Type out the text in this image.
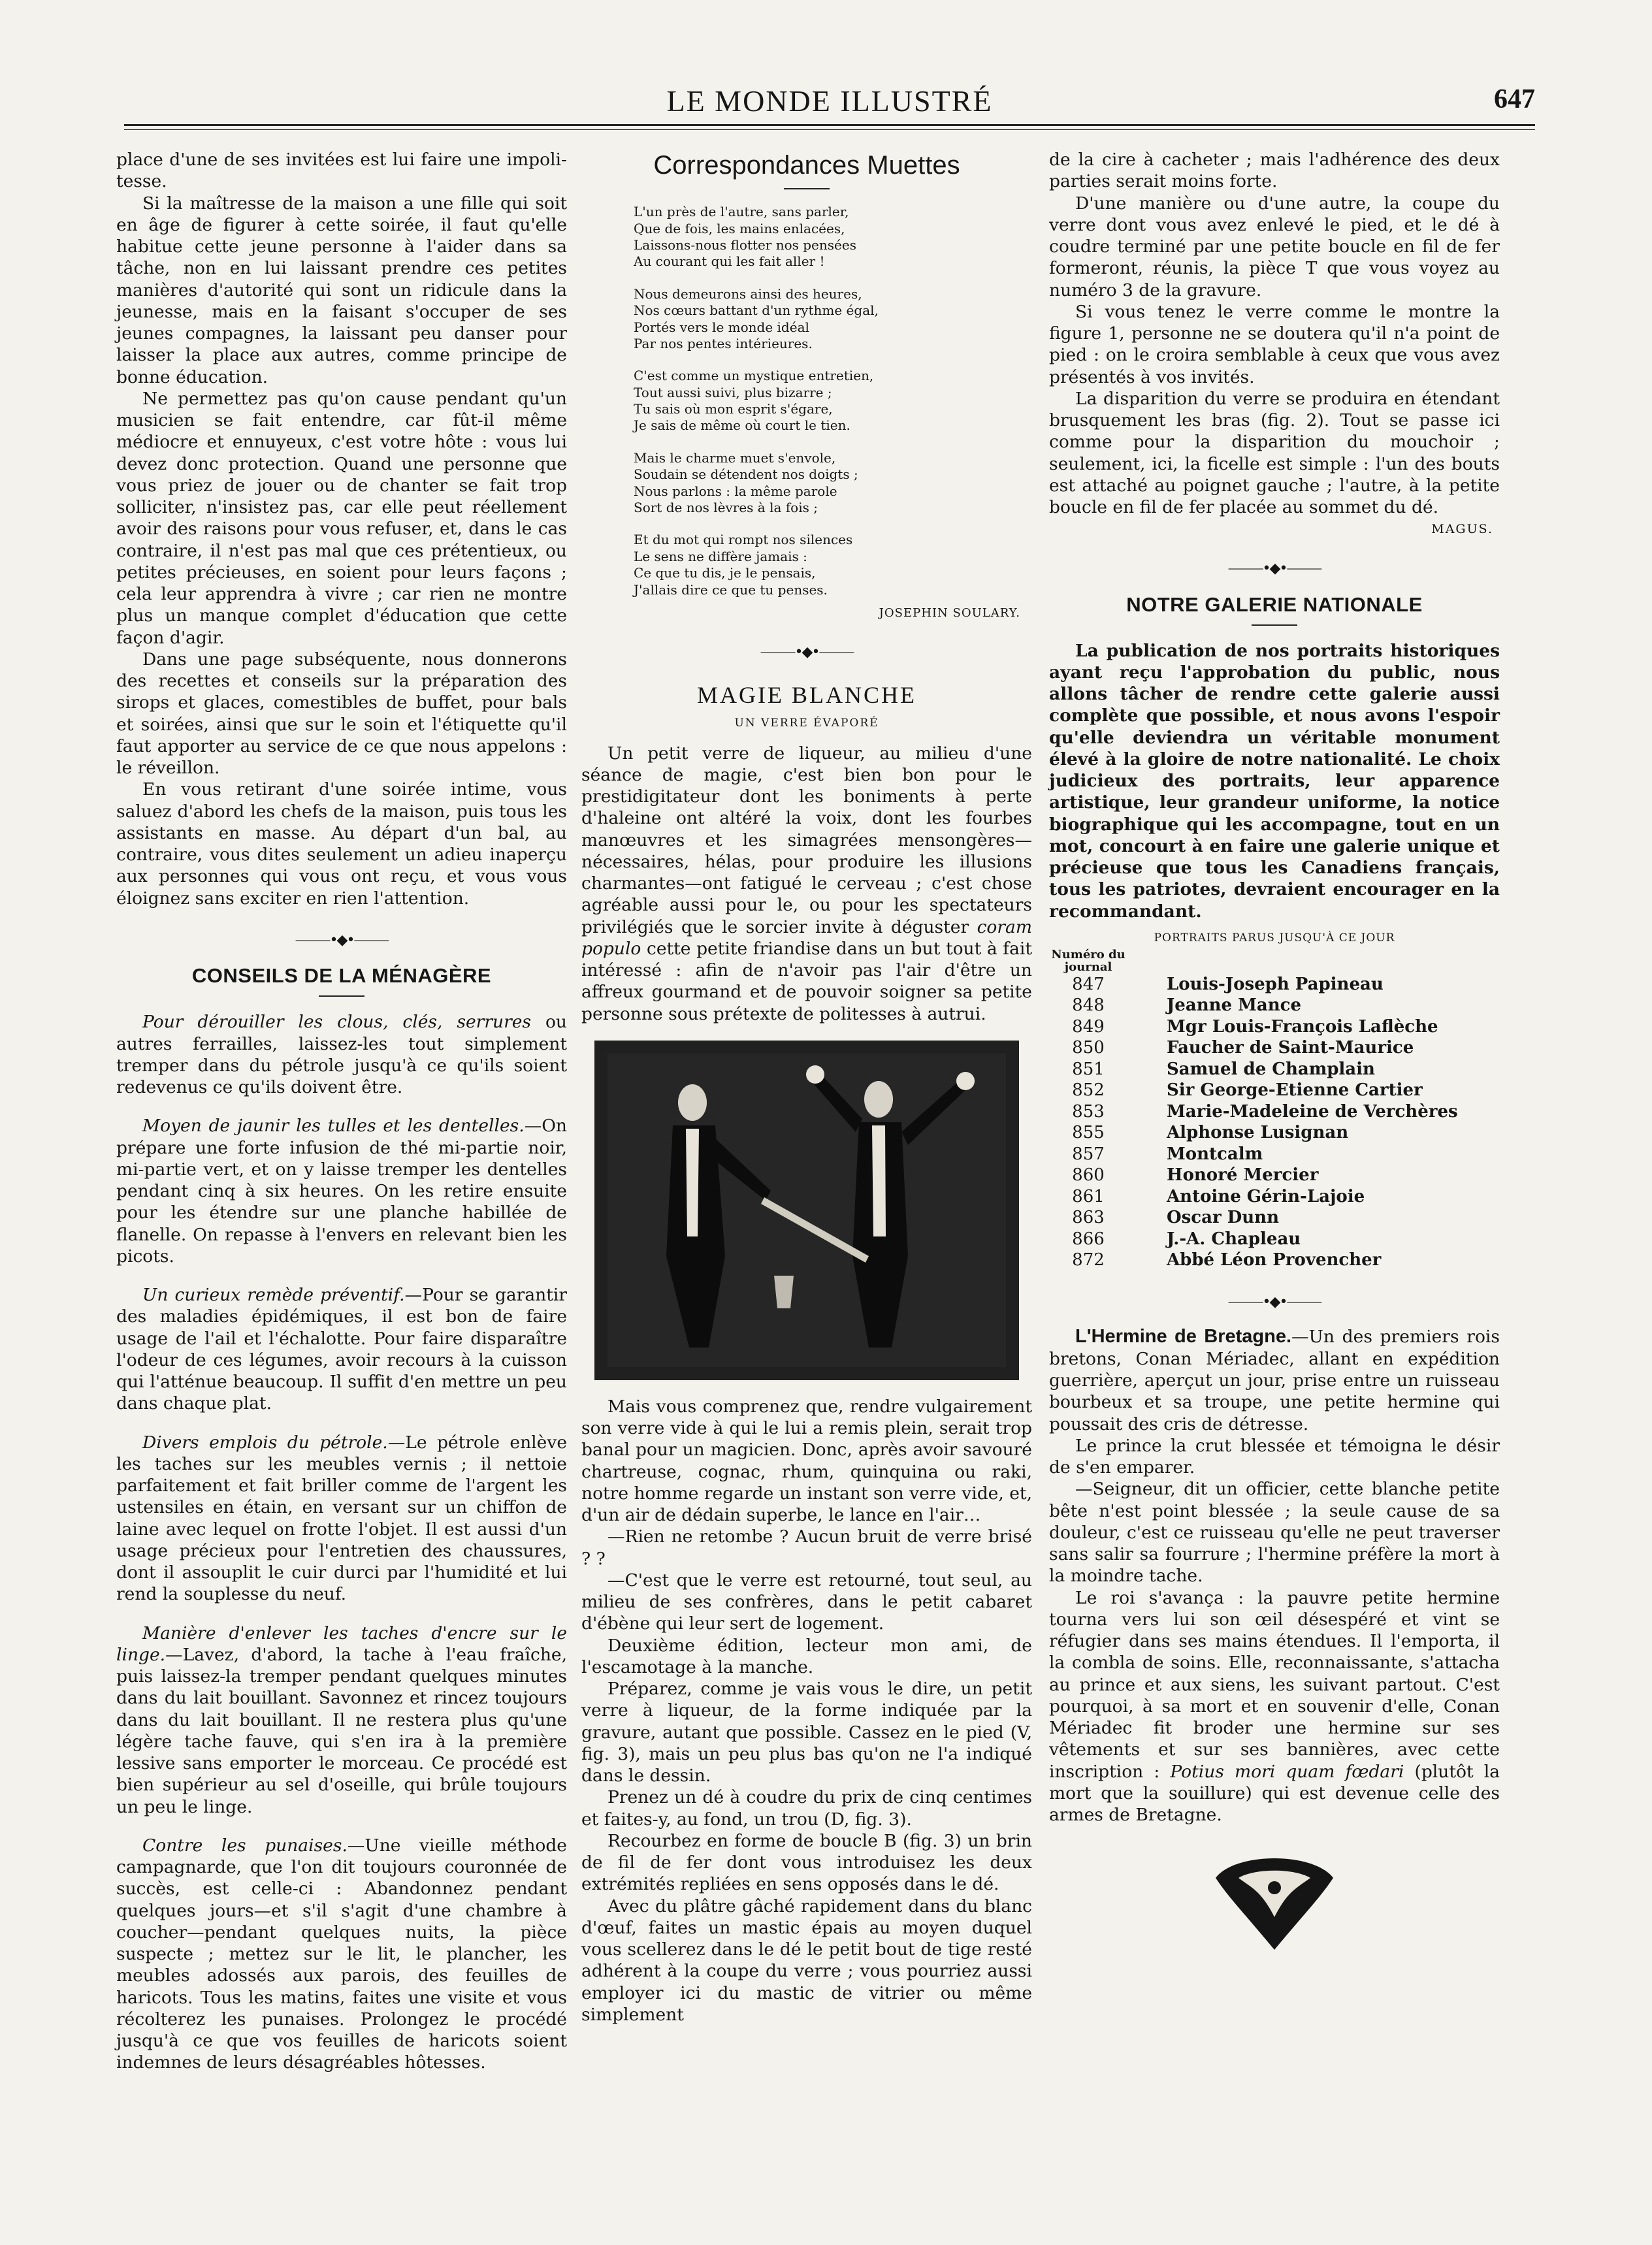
LE MONDE ILLUSTRÉ	647

place d'une de ses invitées est lui faire une impoli-tesse.

Si la maîtresse de la maison a une fille qui soit en âge de figurer à cette soirée, il faut qu'elle habitue cette jeune personne à l'aider dans sa tâche, non en lui laissant prendre ces petites manières d'autorité qui sont un ridicule dans la jeunesse, mais en la faisant s'occuper de ses jeunes compagnes, la laissant peu danser pour laisser la place aux autres, comme principe de bonne éducation.

Ne permettez pas qu'on cause pendant qu'un musicien se fait entendre, car fût-il même médiocre et ennuyeux, c'est votre hôte : vous lui devez donc protection. Quand une personne que vous priez de jouer ou de chanter se fait trop solliciter, n'insistez pas, car elle peut réellement avoir des raisons pour vous refuser, et, dans le cas contraire, il n'est pas mal que ces prétentieux, ou petites précieuses, en soient pour leurs façons ; cela leur apprendra à vivre ; car rien ne montre plus un manque complet d'éducation que cette façon d'agir.

Dans une page subséquente, nous donnerons des recettes et conseils sur la préparation des sirops et glaces, comestibles de buffet, pour bals et soirées, ainsi que sur le soin et l'étiquette qu'il faut apporter au service de ce que nous appelons : le réveillon.

En vous retirant d'une soirée intime, vous saluez d'abord les chefs de la maison, puis tous les assistants en masse. Au départ d'un bal, au contraire, vous dites seulement un adieu inaperçu aux personnes qui vous ont reçu, et vous vous éloignez sans exciter en rien l'attention.

⸻•◆•⸻
CONSEILS DE LA MÉNAGÈRE

Pour dérouiller les clous, clés, serrures ou autres ferrailles, laissez-les tout simplement tremper dans du pétrole jusqu'à ce qu'ils soient redevenus ce qu'ils doivent être.

Moyen de jaunir les tulles et les dentelles.—On prépare une forte infusion de thé mi-partie noir, mi-partie vert, et on y laisse tremper les dentelles pendant cinq à six heures. On les retire ensuite pour les étendre sur une planche habillée de flanelle. On repasse à l'envers en relevant bien les picots.

Un curieux remède préventif.—Pour se garantir des maladies épidémiques, il est bon de faire usage de l'ail et l'échalotte. Pour faire disparaître l'odeur de ces légumes, avoir recours à la cuisson qui l'atténue beaucoup. Il suffit d'en mettre un peu dans chaque plat.

Divers emplois du pétrole.—Le pétrole enlève les taches sur les meubles vernis ; il nettoie parfaitement et fait briller comme de l'argent les ustensiles en étain, en versant sur un chiffon de laine avec lequel on frotte l'objet. Il est aussi d'un usage précieux pour l'entretien des chaussures, dont il assouplit le cuir durci par l'humidité et lui rend la souplesse du neuf.

Manière d'enlever les taches d'encre sur le linge.—Lavez, d'abord, la tache à l'eau fraîche, puis laissez-la tremper pendant quelques minutes dans du lait bouillant. Savonnez et rincez toujours dans du lait bouillant. Il ne restera plus qu'une légère tache fauve, qui s'en ira à la première lessive sans emporter le morceau. Ce procédé est bien supérieur au sel d'oseille, qui brûle toujours un peu le linge.

Contre les punaises.—Une vieille méthode campagnarde, que l'on dit toujours couronnée de succès, est celle-ci : Abandonnez pendant quelques jours—et s'il s'agit d'une chambre à coucher—pendant quelques nuits, la pièce suspecte ; mettez sur le lit, le plancher, les meubles adossés aux parois, des feuilles de haricots. Tous les matins, faites une visite et vous récolterez les punaises. Prolongez le procédé jusqu'à ce que vos feuilles de haricots soient indemnes de leurs désagréables hôtesses.

Correspondances Muettes
L'un près de l'autre, sans parler,
Que de fois, les mains enlacées,
Laissons-nous flotter nos pensées
Au courant qui les fait aller !
Nous demeurons ainsi des heures,
Nos cœurs battant d'un rythme égal,
Portés vers le monde idéal
Par nos pentes intérieures.
C'est comme un mystique entretien,
Tout aussi suivi, plus bizarre ;
Tu sais où mon esprit s'égare,
Je sais de même où court le tien.
Mais le charme muet s'envole,
Soudain se détendent nos doigts ;
Nous parlons : la même parole
Sort de nos lèvres à la fois ;
Et du mot qui rompt nos silences
Le sens ne diffère jamais :
Ce que tu dis, je le pensais,
J'allais dire ce que tu penses.
JOSEPHIN SOULARY.
⸻•◆•⸻
MAGIE BLANCHE
UN VERRE ÉVAPORÉ

Un petit verre de liqueur, au milieu d'une séance de magie, c'est bien bon pour le prestidigitateur dont les boniments à perte d'haleine ont altéré la voix, dont les fourbes manœuvres et les simagrées mensongères—nécessaires, hélas, pour produire les illusions charmantes—ont fatigué le cerveau ; c'est chose agréable aussi pour le, ou pour les spectateurs privilégiés que le sorcier invite à déguster coram populo cette petite friandise dans un but tout à fait intéressé : afin de n'avoir pas l'air d'être un affreux gourmand et de pouvoir soigner sa petite personne sous prétexte de politesses à autrui.

Mais vous comprenez que, rendre vulgairement son verre vide à qui le lui a remis plein, serait trop banal pour un magicien. Donc, après avoir savouré chartreuse, cognac, rhum, quinquina ou raki, notre homme regarde un instant son verre vide, et, d'un air de dédain superbe, le lance en l'air…

—Rien ne retombe ? Aucun bruit de verre brisé ? ?

—C'est que le verre est retourné, tout seul, au milieu de ses confrères, dans le petit cabaret d'ébène qui leur sert de logement.

Deuxième édition, lecteur mon ami, de l'escamotage à la manche.

Préparez, comme je vais vous le dire, un petit verre à liqueur, de la forme indiquée par la gravure, autant que possible. Cassez en le pied (V, fig. 3), mais un peu plus bas qu'on ne l'a indiqué dans le dessin.

Prenez un dé à coudre du prix de cinq centimes et faites-y, au fond, un trou (D, fig. 3).

Recourbez en forme de boucle B (fig. 3) un brin de fil de fer dont vous introduisez les deux extrémités repliées en sens opposés dans le dé.

Avec du plâtre gâché rapidement dans du blanc d'œuf, faites un mastic épais au moyen duquel vous scellerez dans le dé le petit bout de tige resté adhérent à la coupe du verre ; vous pourriez aussi employer ici du mastic de vitrier ou même simplement

de la cire à cacheter ; mais l'adhérence des deux parties serait moins forte.

D'une manière ou d'une autre, la coupe du verre dont vous avez enlevé le pied, et le dé à coudre terminé par une petite boucle en fil de fer formeront, réunis, la pièce T que vous voyez au numéro 3 de la gravure.

Si vous tenez le verre comme le montre la figure 1, personne ne se doutera qu'il n'a point de pied : on le croira semblable à ceux que vous avez présentés à vos invités.

La disparition du verre se produira en étendant brusquement les bras (fig. 2). Tout se passe ici comme pour la disparition du mouchoir ; seulement, ici, la ficelle est simple : l'un des bouts est attaché au poignet gauche ; l'autre, à la petite boucle en fil de fer placée au sommet du dé.

MAGUS.
⸻•◆•⸻
NOTRE GALERIE NATIONALE

La publication de nos portraits historiques ayant reçu l'approbation du public, nous allons tâcher de rendre cette galerie aussi complète que possible, et nous avons l'espoir qu'elle deviendra un véritable monument élevé à la gloire de notre nationalité. Le choix judicieux des portraits, leur apparence artistique, leur grandeur uniforme, la notice biographique qui les accompagne, tout en un mot, concourt à en faire une galerie unique et précieuse que tous les Canadiens français, tous les patriotes, devraient encourager en la recommandant.

PORTRAITS PARUS JUSQU'À CE JOUR
Numéro du journal
847	Louis-Joseph Papineau
848	Jeanne Mance
849	Mgr Louis-François Laflèche
850	Faucher de Saint-Maurice
851	Samuel de Champlain
852	Sir George-Etienne Cartier
853	Marie-Madeleine de Verchères
855	Alphonse Lusignan
857	Montcalm
860	Honoré Mercier
861	Antoine Gérin-Lajoie
863	Oscar Dunn
866	J.-A. Chapleau
872	Abbé Léon Provencher
⸻•◆•⸻

L'Hermine de Bretagne.—Un des premiers rois bretons, Conan Mériadec, allant en expédition guerrière, aperçut un jour, prise entre un ruisseau bourbeux et sa troupe, une petite hermine qui poussait des cris de détresse.

Le prince la crut blessée et témoigna le désir de s'en emparer.

—Seigneur, dit un officier, cette blanche petite bête n'est point blessée ; la seule cause de sa douleur, c'est ce ruisseau qu'elle ne peut traverser sans salir sa fourrure ; l'hermine préfère la mort à la moindre tache.

Le roi s'avança : la pauvre petite hermine tourna vers lui son œil désespéré et vint se réfugier dans ses mains étendues. Il l'emporta, il la combla de soins. Elle, reconnaissante, s'attacha au prince et aux siens, les suivant partout. C'est pourquoi, à sa mort et en souvenir d'elle, Conan Mériadec fit broder une hermine sur ses vêtements et sur ses bannières, avec cette inscription : Potius mori quam fœdari (plutôt la mort que la souillure) qui est devenue celle des armes de Bretagne.
